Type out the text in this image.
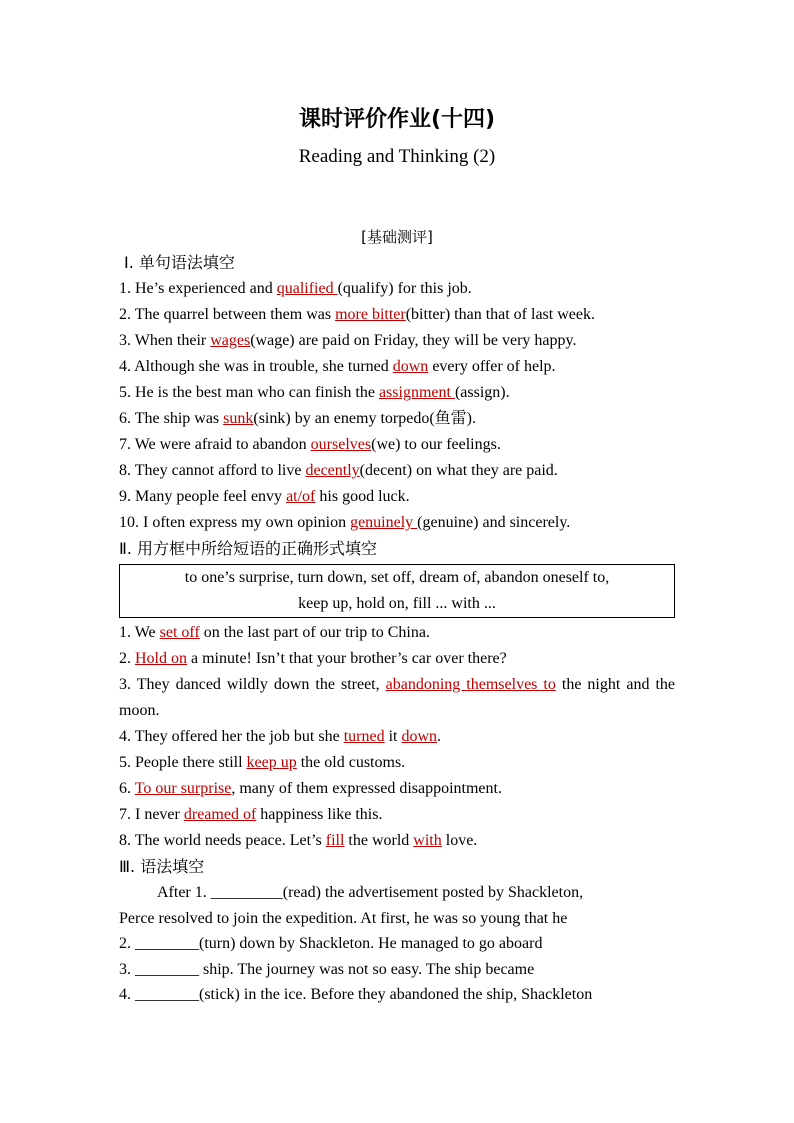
课时评价作业(十四)
Reading and Thinking (2)
[基础测评]
Ⅰ. 单句语法填空
1. He’s experienced and qualified (qualify) for this job.
2. The quarrel between them was more bitter(bitter) than that of last week.
3. When their wages(wage) are paid on Friday, they will be very happy.
4. Although she was in trouble, she turned down every offer of help.
5. He is the best man who can finish the assignment (assign).
6. The ship was sunk(sink) by an enemy torpedo(鱼雷).
7. We were afraid to abandon ourselves(we) to our feelings.
8. They cannot afford to live decently(decent) on what they are paid.
9. Many people feel envy at/of his good luck.
10. I often express my own opinion genuinely (genuine) and sincerely.
Ⅱ. 用方框中所给短语的正确形式填空
to one’s surprise, turn down, set off, dream of, abandon oneself to,
keep up, hold on, fill ... with ...
1. We set off on the last part of our trip to China.
2. Hold on a minute! Isn’t that your brother’s car over there?
3. They danced wildly down the street, abandoning themselves to the night and the moon.
4. They offered her the job but she turned it down.
5. People there still keep up the old customs.
6. To our surprise, many of them expressed disappointment.
7. I never dreamed of happiness like this.
8. The world needs peace. Let’s fill the world with love.
Ⅲ. 语法填空
After 1. _________(read) the advertisement posted by Shackleton,
Perce resolved to join the expedition. At first, he was so young that he
2. ________(turn) down by Shackleton. He managed to go aboard
3. ________ ship. The journey was not so easy. The ship became
4. ________(stick) in the ice. Before they abandoned the ship, Shackleton
